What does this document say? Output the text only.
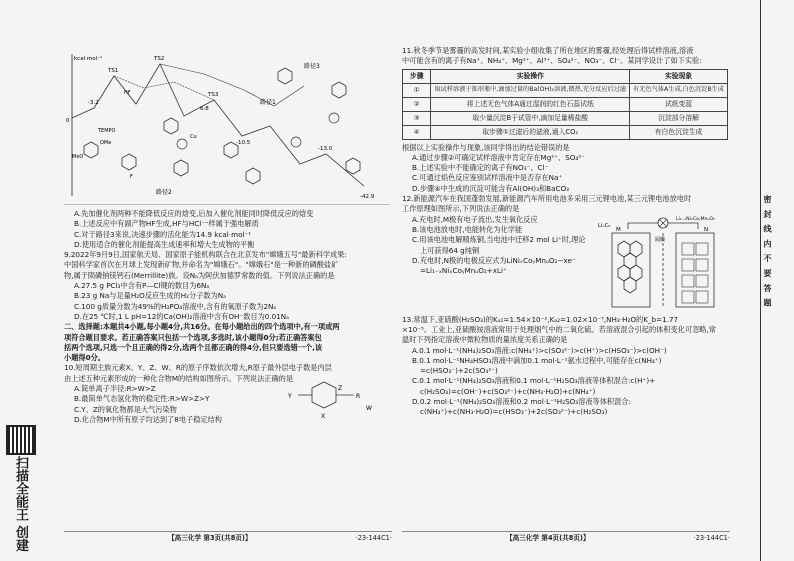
kcal·mol⁻¹
路径1
路径2
路径3
0
-3.2
TS1
TS2
TS3
6.8
-10.5
-42.9
-13.0
HF
TEMPO
Cu
OMe
MeO
F
A.先加催化剂两种不能降低反应的焓变,后加入催化剂能同时降低反应的焓变
B.上述反应中有副产物HF生成,HF与HCl一样属于强电解质
C.对于路径3来说,决速步骤的活化能为14.9 kcal·mol⁻¹
D.使用适合的催化剂能提高生成速率和增大生成物的平衡
9.2022年9月9日,国家航天局、国家原子能机构联合在北京发布"嫦娥五号"最新科学成果:
中国科学家首次在月球上发现新矿物,并命名为"嫦娥石"。"嫦娥石"是一种新的磷酸盐矿
物,属于陨磷钠镁钙石(Merrillite)族。设Nₐ为阿伏加德罗常数的值。下列说法正确的是
A.27.5 g PCl₃中含有P—Cl键的数目为6Nₐ
B.23 g Na与足量H₂O反应生成的H₂分子数为Nₐ
C.100 g质量分数为49%的H₃PO₄溶液中,含有的氧原子数为2Nₐ
D.在25 ℃时,1 L pH=12的Ca(OH)₂溶液中含有OH⁻数目为0.01Nₐ
二、选择题:本题共4小题,每小题4分,共16分。在每小题给出的四个选项中,有一项或两
项符合题目要求。若正确答案只包括一个选项,多选时,该小题得0分;若正确答案包
括两个选项,只选一个且正确的得2分,选两个且都正确的得4分,但只要选错一个,该
小题得0分。
10.短周期主族元素X、Y、Z、W、R的原子序数依次增大,R原子最外层电子数是内层
由上述五种元素形成的一种化合物M的结构如图所示。下列说法正确的是
A.简单离子半径:R>W>Z
B.最简单气态氢化物的稳定性:R>W>Z>Y
C.Y、Z的氧化物都是大气污染物
D.化合物M中所有原子均达到了8电子稳定结构
Y
X
Z
R
W
【高三化学 第3页(共8页)】	·23-144C1·
11.秋冬季节是雾霾的高发时间,某实验小组收集了所在地区的雾霾,经处理后得试样溶液,溶液
中可能含有的离子有Na⁺、NH₄⁺、Mg²⁺、Al³⁺、SO₄²⁻、NO₃⁻、Cl⁻。某同学设计了如下实验:
步骤	实验操作	实验现象
①	取试样溶液于锥形瓶中,滴加过量的Ba(OH)₂溶液,微热,充分反应后过滤	有无色气体A生成,白色沉淀B生成
②	将上述无色气体A通过湿润的红色石蕊试纸	试纸变蓝
③	取少量沉淀B于试管中,滴加足量稀盐酸	沉淀部分溶解
④	取步骤①过滤后的滤液,通入CO₂	有白色沉淀生成
根据以上实验操作与现象,该同学得出的结论错误的是
A.通过步骤②可确定试样溶液中肯定存在Mg²⁺、SO₄²⁻
B.上述实验中不能确定的离子有NO₃⁻、Cl⁻
C.可通过焰色反应鉴别试样溶液中是否存在Na⁺
D.步骤④中生成的沉淀可能含有Al(OH)₃和BaCO₃
12.新能源汽车在我国蓬勃发展,新能源汽车所用电池多采用三元锂电池,某三元锂电池放电时
工作原理如图所示,下列说法正确的是
LiₓC₆
M	N
隔膜
Li₁₋ₓNiₓCoᵧMnᵤO₂
A.充电时,M极有电子流出,发生氧化反应
B.该电池放电时,电能转化为化学能
C.用该电池电解精炼铜,当电池中迁移2 mol Li⁺时,理论
上可获得64 g纯铜
D.充电时,N极的电极反应式为LiNiₓCoᵧMnᵤO₂−xe⁻
=Li₁₋ₓNiₓCoᵧMnᵤO₂+xLi⁺
13.常温下,亚硫酸(H₂SO₃)的Kₐ₁=1.54×10⁻²,Kₐ₂=1.02×10⁻⁷,NH₃·H₂O的K_b=1.77
×10⁻⁵。工业上,亚硫酸铵溶液常用于处理烟气中的二氧化硫。若溶液混合引起的体积变化可忽略,常
温时下列指定溶液中微粒物质的量浓度关系正确的是
A.0.1 mol·L⁻¹(NH₄)₂SO₃溶液:c(NH₄⁺)>c(SO₃²⁻)>c(H⁺)>c(HSO₃⁻)>c(OH⁻)
B.0.1 mol·L⁻¹NH₄HSO₃溶液中滴加0.1 mol·L⁻¹氨水过程中,可能存在c(NH₄⁺)
=c(HSO₃⁻)+2c(SO₃²⁻)
C.0.1 mol·L⁻¹(NH₄)₂SO₃溶液和0.1 mol·L⁻¹H₂SO₃溶液等体积混合:c(H⁺)+
c(H₂SO₃)=c(OH⁻)+c(SO₃²⁻)+c(NH₃·H₂O)+c(NH₄⁺)
D.0.2 mol·L⁻¹(NH₄)₂SO₃溶液和0.2 mol·L⁻¹H₂SO₃溶液等体积混合:
c(NH₄⁺)+c(NH₃·H₂O)=c(HSO₃⁻)+2c(SO₃²⁻)+c(H₂SO₃)
【高三化学 第4页(共8页)】	·23-144C1·
扫描全能王 创建
密 封 线 内 不 要 答 题
